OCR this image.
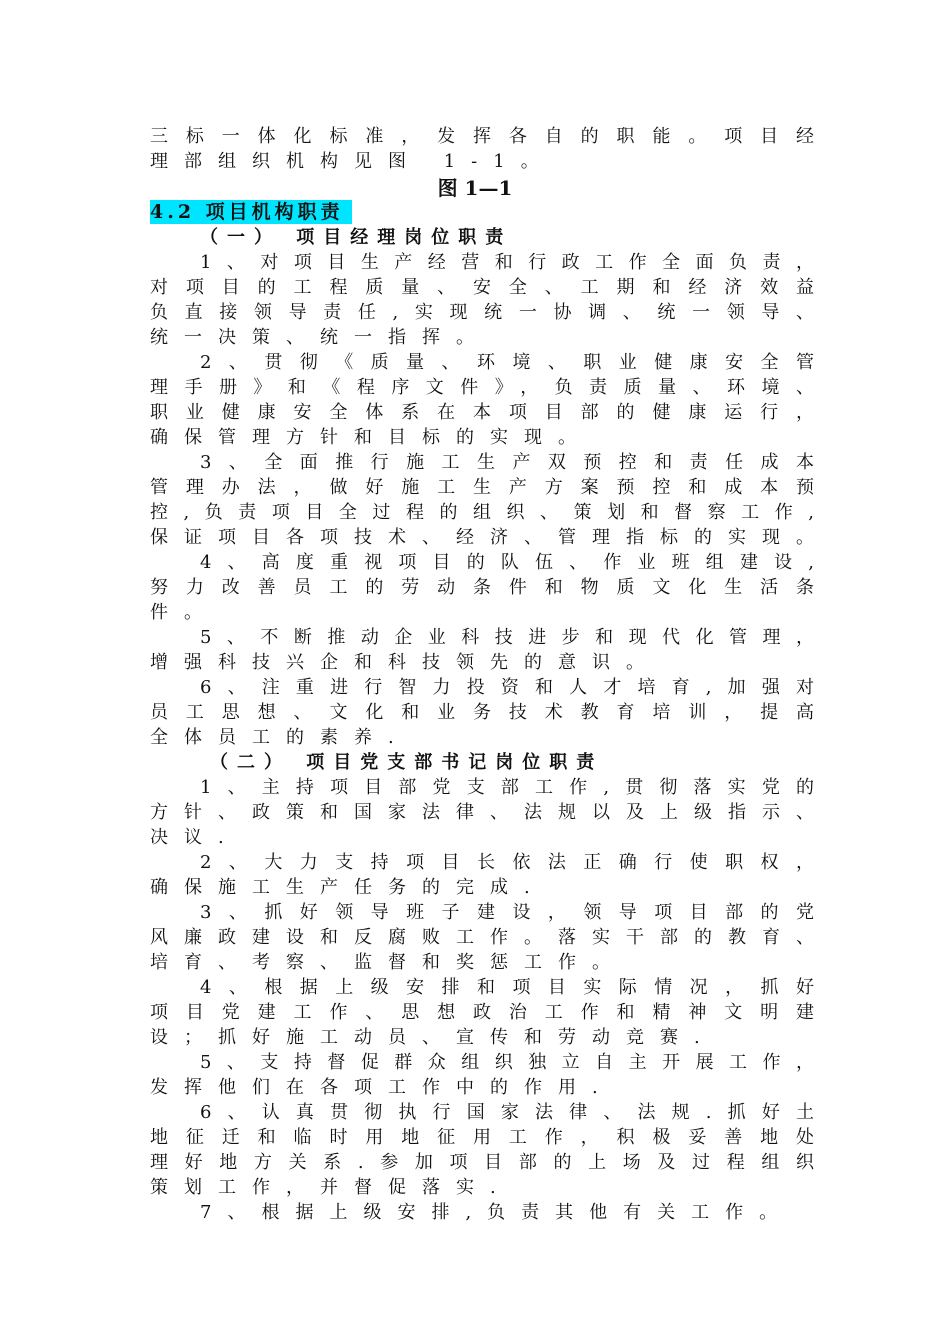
三标一体化标准，发挥各自的职能。项目经
理部组织机构见图 1-1。
图 1—1
4.2 项目机构职责
（一） 项目经理岗位职责
1、对项目生产经营和行政工作全面负责，
对项目的工程质量、安全、工期和经济效益
负直接领导责任,实现统一协调、统一领导、
统一决策、统一指挥。
2、贯彻《质量、环境、职业健康安全管
理手册》和《程序文件》，负责质量、环境、
职业健康安全体系在本项目部的健康运行，
确保管理方针和目标的实现。
3、全面推行施工生产双预控和责任成本
管理办法，做好施工生产方案预控和成本预
控,负责项目全过程的组织、策划和督察工作,
保证项目各项技术、经济、管理指标的实现。
4、高度重视项目的队伍、作业班组建设,
努力改善员工的劳动条件和物质文化生活条
件。
5、不断推动企业科技进步和现代化管理，
增强科技兴企和科技领先的意识。
6、注重进行智力投资和人才培育,加强对
员工思想、文化和业务技术教育培训，提高
全体员工的素养.
（二） 项目党支部书记岗位职责
1、主持项目部党支部工作,贯彻落实党的
方针、政策和国家法律、法规以及上级指示、
决议.
2、大力支持项目长依法正确行使职权，
确保施工生产任务的完成.
3、抓好领导班子建设，领导项目部的党
风廉政建设和反腐败工作。落实干部的教育、
培育、考察、监督和奖惩工作。
4、根据上级安排和项目实际情况，抓好
项目党建工作、思想政治工作和精神文明建
设；抓好施工动员、宣传和劳动竞赛.
5、支持督促群众组织独立自主开展工作，
发挥他们在各项工作中的作用.
6、认真贯彻执行国家法律、法规.抓好土
地征迁和临时用地征用工作，积极妥善地处
理好地方关系.参加项目部的上场及过程组织
策划工作，并督促落实.
7、根据上级安排,负责其他有关工作。
